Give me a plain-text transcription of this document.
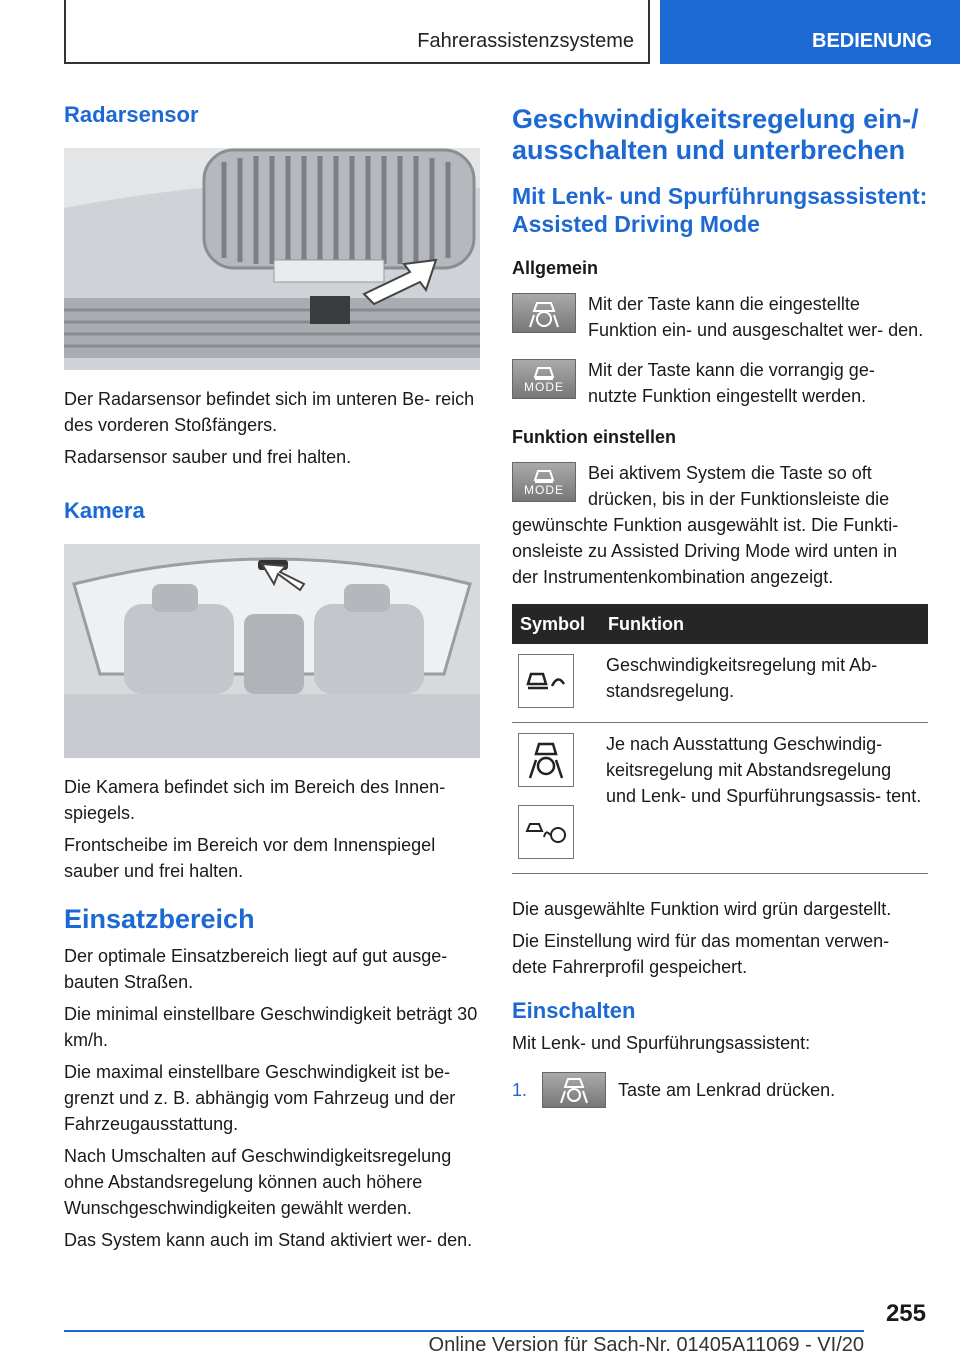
Fahrerassistenzsysteme	BEDIENUNG
Radarsensor

Der Radarsensor befindet sich im unteren Be- reich des vorderen Stoßfängers.

Radarsensor sauber und frei halten.

Kamera

Die Kamera befindet sich im Bereich des Innen- spiegels.

Frontscheibe im Bereich vor dem Innenspiegel sauber und frei halten.

Einsatzbereich

Der optimale Einsatzbereich liegt auf gut ausge- bauten Straßen.

Die minimal einstellbare Geschwindigkeit beträgt 30 km/h.

Die maximal einstellbare Geschwindigkeit ist be- grenzt und z. B. abhängig vom Fahrzeug und der Fahrzeugausstattung.

Nach Umschalten auf Geschwindigkeitsregelung ohne Abstandsregelung können auch höhere Wunschgeschwindigkeiten gewählt werden.

Das System kann auch im Stand aktiviert wer- den.

Geschwindigkeitsregelung ein-/ ausschalten und unterbrechen
Mit Lenk- und Spurführungsassistent: Assisted Driving Mode
Allgemein

Mit der Taste kann die eingestellte Funktion ein- und ausgeschaltet wer- den.

MODE

Mit der Taste kann die vorrangig ge- nutzte Funktion eingestellt werden.

Funktion einstellen
MODE

Bei aktivem System die Taste so oft drücken, bis in der Funktionsleiste die gewünschte Funktion ausgewählt ist. Die Funkti- onsleiste zu Assisted Driving Mode wird unten in der Instrumentenkombination angezeigt.

Symbol	Funktion

	Geschwindigkeitsregelung mit Ab- standsregelung.

	Je nach Ausstattung Geschwindig- keitsregelung mit Abstandsregelung und Lenk- und Spurführungsassis- tent.

Die ausgewählte Funktion wird grün dargestellt.

Die Einstellung wird für das momentan verwen- dete Fahrerprofil gespeichert.

Einschalten

Mit Lenk- und Spurführungsassistent:

1.	Taste am Lenkrad drücken.
255
Online Version für Sach-Nr. 01405A11069 - VI/20
